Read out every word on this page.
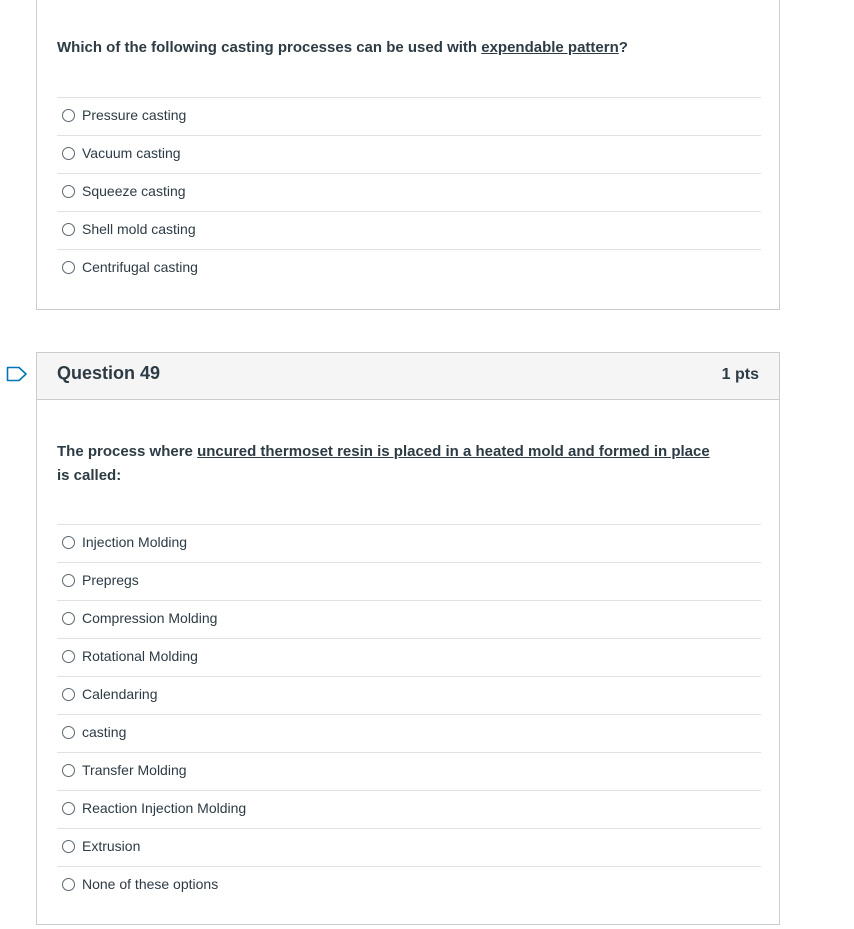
Which of the following casting processes can be used with expendable pattern?
Pressure casting
Vacuum casting
Squeeze casting
Shell mold casting
Centrifugal casting
Question 49	1 pts
The process where uncured thermoset resin is placed in a heated mold and formed in place is called:
Injection Molding
Prepregs
Compression Molding
Rotational Molding
Calendaring
casting
Transfer Molding
Reaction Injection Molding
Extrusion
None of these options
